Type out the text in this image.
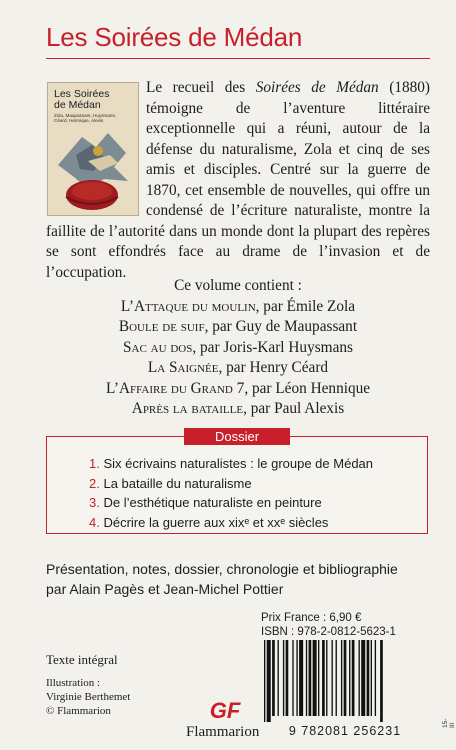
Les Soirées de Médan
Les Soirées
de Médan
Zola, Maupassant, Huysmans, Céard, Hennique, Alexis

Le recueil des Soirées de Médan (1880) témoigne de l’aventure littéraire exceptionnelle qui a réuni, autour de la défense du naturalisme, Zola et cinq de ses amis et disciples. Centré sur la guerre de 1870, cet ensemble de nouvelles, qui offre un condensé de l’écriture naturaliste, montre la faillite de l’autorité dans un monde dont la plupart des repères se sont effondrés face au drame de l’invasion et de l’occupation.

Ce volume contient :
L’Attaque du moulin, par Émile Zola
Boule de suif, par Guy de Maupassant
Sac au dos, par Joris-Karl Huysmans
La Saignée, par Henry Céard
L’Affaire du Grand 7, par Léon Hennique
Après la bataille, par Paul Alexis
Dossier
1. Six écrivains naturalistes : le groupe de Médan
2. La bataille du naturalisme
3. De l’esthétique naturaliste en peinture
4. Décrire la guerre aux xixᵉ et xxᵉ siècles

Présentation, notes, dossier, chronologie et bibliographie
par Alain Pagès et Jean-Michel Pottier

Prix France : 6,90 €
ISBN : 978-2-0812-5623-1

9 782081 256231
15-III
Texte intégral

Illustration :
Virginie Berthemet
© Flammarion	GF
Flammarion
